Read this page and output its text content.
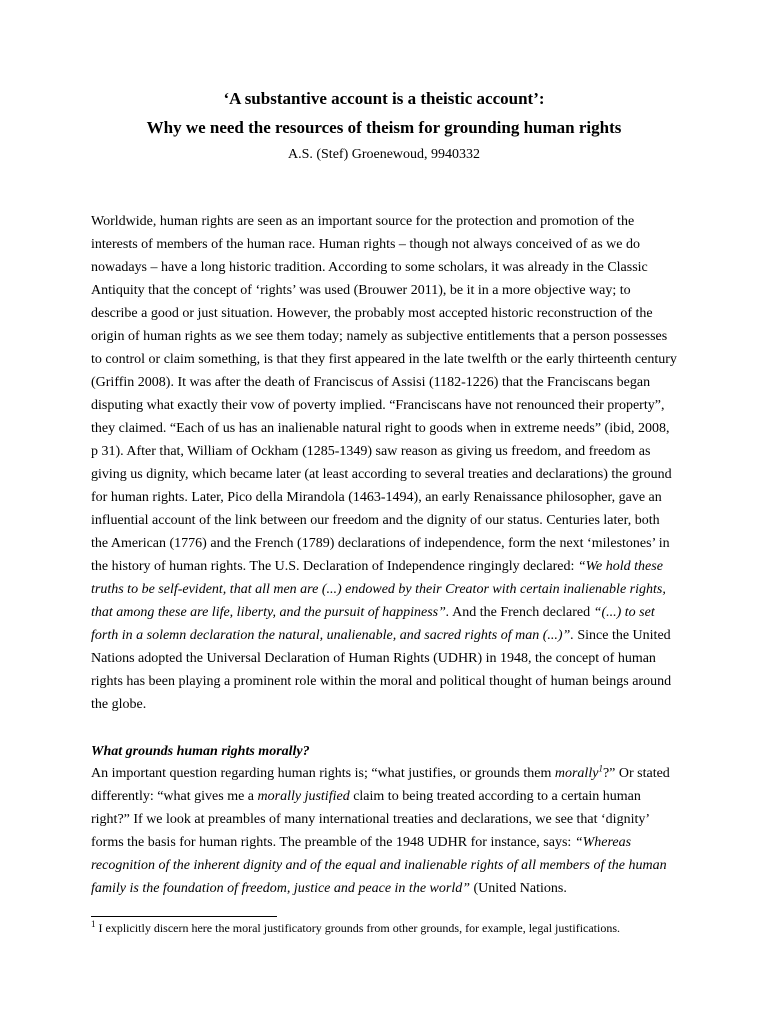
‘A substantive account is a theistic account’:
Why we need the resources of theism for grounding human rights
A.S. (Stef) Groenewoud, 9940332
Worldwide, human rights are seen as an important source for the protection and promotion of the interests of members of the human race. Human rights – though not always conceived of as we do nowadays – have a long historic tradition. According to some scholars, it was already in the Classic Antiquity that the concept of ‘rights’ was used (Brouwer 2011), be it in a more objective way; to describe a good or just situation. However, the probably most accepted historic reconstruction of the origin of human rights as we see them today; namely as subjective entitlements that a person possesses to control or claim something, is that they first appeared in the late twelfth or the early thirteenth century (Griffin 2008). It was after the death of Franciscus of Assisi (1182-1226) that the Franciscans began disputing what exactly their vow of poverty implied. “Franciscans have not renounced their property”, they claimed. “Each of us has an inalienable natural right to goods when in extreme needs” (ibid, 2008, p 31). After that, William of Ockham (1285-1349) saw reason as giving us freedom, and freedom as giving us dignity, which became later (at least according to several treaties and declarations) the ground for human rights. Later, Pico della Mirandola (1463-1494), an early Renaissance philosopher, gave an influential account of the link between our freedom and the dignity of our status. Centuries later, both the American (1776) and the French (1789) declarations of independence, form the next ‘milestones’ in the history of human rights. The U.S. Declaration of Independence ringingly declared: “We hold these truths to be self-evident, that all men are (...) endowed by their Creator with certain inalienable rights, that among these are life, liberty, and the pursuit of happiness”. And the French declared “(...) to set forth in a solemn declaration the natural, unalienable, and sacred rights of man (...)”. Since the United Nations adopted the Universal Declaration of Human Rights (UDHR) in 1948, the concept of human rights has been playing a prominent role within the moral and political thought of human beings around the globe.
What grounds human rights morally?
An important question regarding human rights is; “what justifies, or grounds them morally$^1$?” Or stated differently: “what gives me a morally justified claim to being treated according to a certain human right?” If we look at preambles of many international treaties and declarations, we see that ‘dignity’ forms the basis for human rights. The preamble of the 1948 UDHR for instance, says: “Whereas recognition of the inherent dignity and of the equal and inalienable rights of all members of the human family is the foundation of freedom, justice and peace in the world” (United Nations.
$^1$ I explicitly discern here the moral justificatory grounds from other grounds, for example, legal justifications.
